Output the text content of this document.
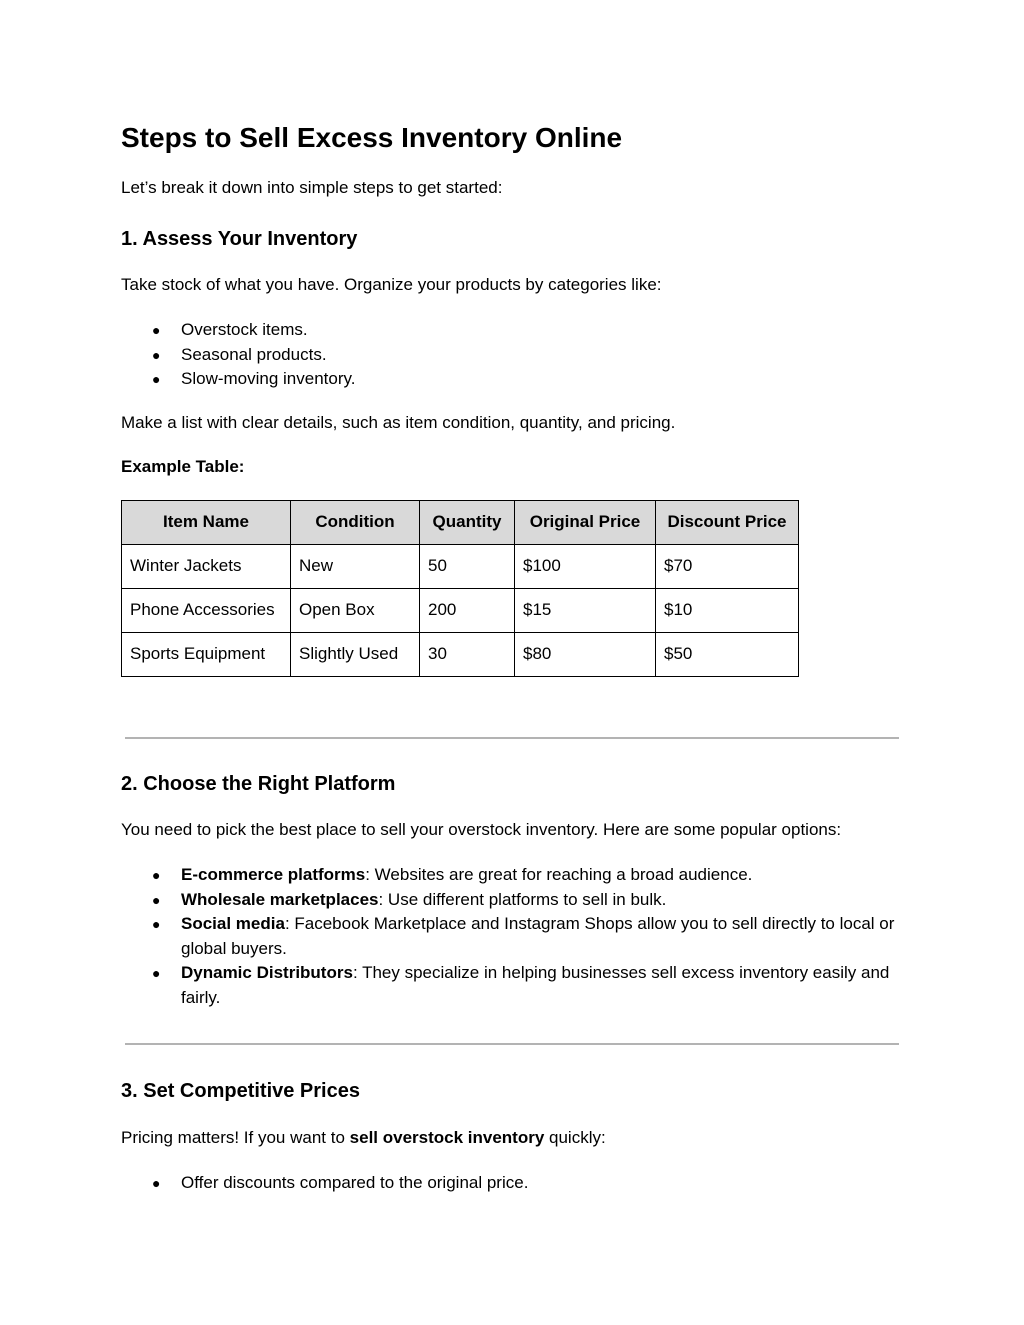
Steps to Sell Excess Inventory Online

Let’s break it down into simple steps to get started:

1. Assess Your Inventory

Take stock of what you have. Organize your products by categories like:

● Overstock items.
● Seasonal products.
● Slow-moving inventory.

Make a list with clear details, such as item condition, quantity, and pricing.

Example Table:

Item Name	Condition	Quantity	Original Price	Discount Price
Winter Jackets	New	50	$100	$70
Phone Accessories	Open Box	200	$15	$10
Sports Equipment	Slightly Used	30	$80	$50
2. Choose the Right Platform

You need to pick the best place to sell your overstock inventory. Here are some popular options:

● E-commerce platforms: Websites are great for reaching a broad audience.
● Wholesale marketplaces: Use different platforms to sell in bulk.
● Social media: Facebook Marketplace and Instagram Shops allow you to sell directly to local or global buyers.
● Dynamic Distributors: They specialize in helping businesses sell excess inventory easily and fairly.
3. Set Competitive Prices

Pricing matters! If you want to sell overstock inventory quickly:

● Offer discounts compared to the original price.
